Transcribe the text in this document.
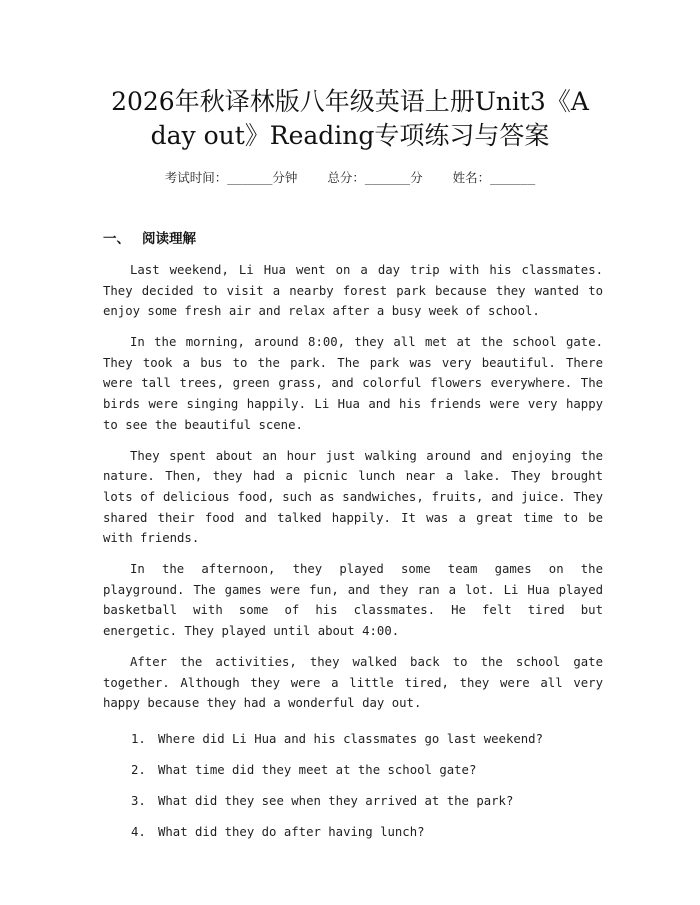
2026年秋译林版八年级英语上册Unit3《A
day out》Reading专项练习与答案
考试时间：______分钟 总分：______分 姓名：______
一、 阅读理解

Last weekend, Li Hua went on a day trip with his classmates. They decided to visit a nearby forest park because they wanted to enjoy some fresh air and relax after a busy week of school.

In the morning, around 8:00, they all met at the school gate. They took a bus to the park. The park was very beautiful. There were tall trees, green grass, and colorful flowers everywhere. The birds were singing happily. Li Hua and his friends were very happy to see the beautiful scene.

They spent about an hour just walking around and enjoying the nature. Then, they had a picnic lunch near a lake. They brought lots of delicious food, such as sandwiches, fruits, and juice. They shared their food and talked happily. It was a great time to be with friends.

In the afternoon, they played some team games on the playground. The games were fun, and they ran a lot. Li Hua played basketball with some of his classmates. He felt tired but energetic. They played until about 4:00.

After the activities, they walked back to the school gate together. Although they were a little tired, they were all very happy because they had a wonderful day out.

1. Where did Li Hua and his classmates go last weekend?
2. What time did they meet at the school gate?
3. What did they see when they arrived at the park?
4. What did they do after having lunch?
